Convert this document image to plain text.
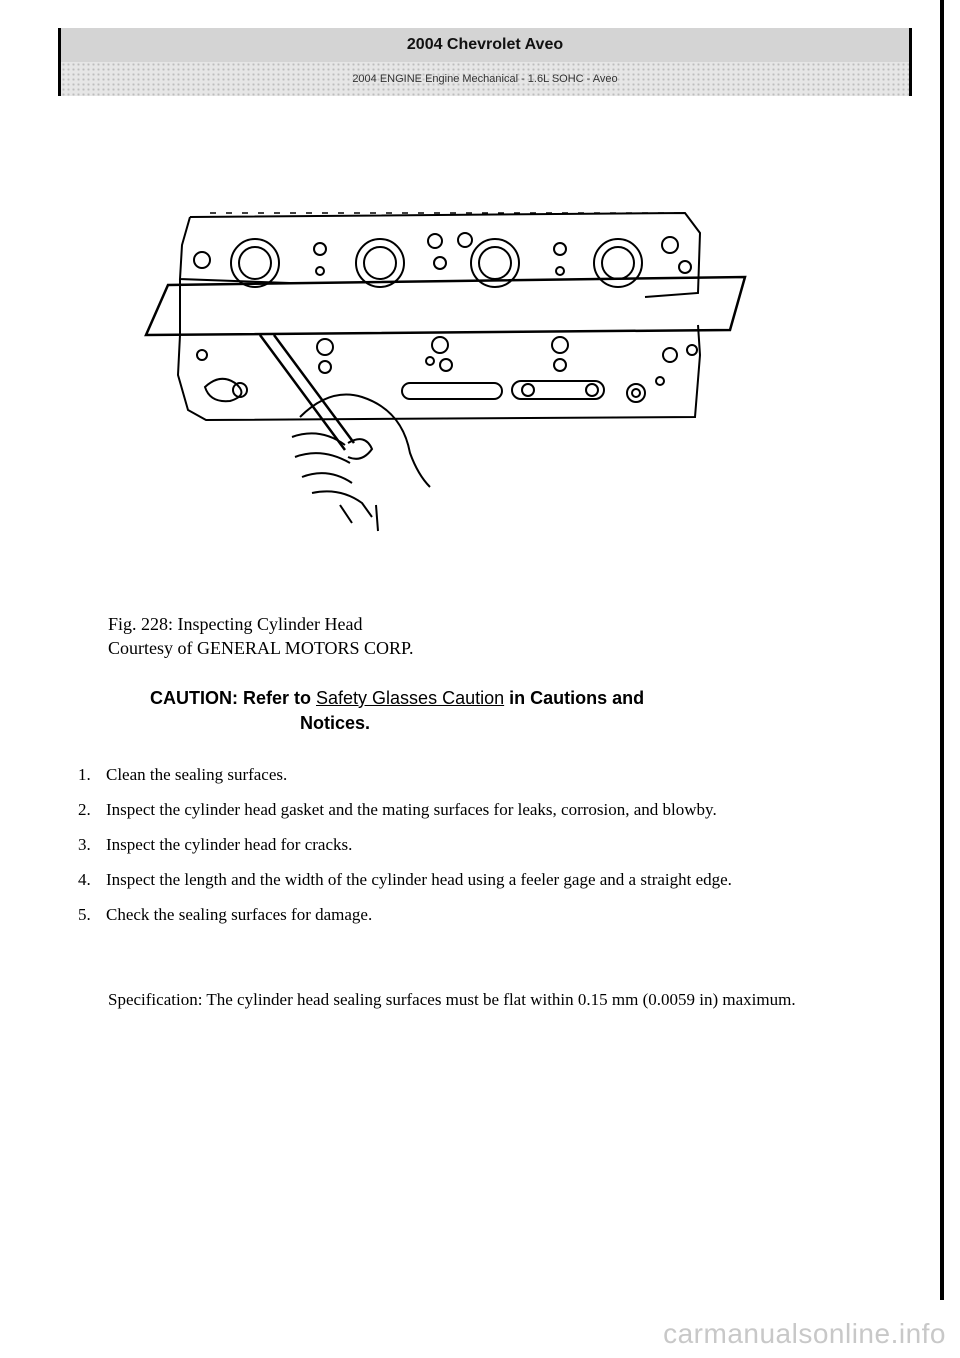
2004 Chevrolet Aveo
2004 ENGINE Engine Mechanical - 1.6L SOHC - Aveo
Fig. 228: Inspecting Cylinder Head
Courtesy of GENERAL MOTORS CORP.
CAUTION: Refer to Safety Glasses Caution in Cautions and
Notices.
1. Clean the sealing surfaces.
2. Inspect the cylinder head gasket and the mating surfaces for leaks, corrosion, and blowby.
3. Inspect the cylinder head for cracks.
4. Inspect the length and the width of the cylinder head using a feeler gage and a straight edge.
5. Check the sealing surfaces for damage.
Specification: The cylinder head sealing surfaces must be flat within 0.15 mm (0.0059 in) maximum.
carmanualsonline.info
